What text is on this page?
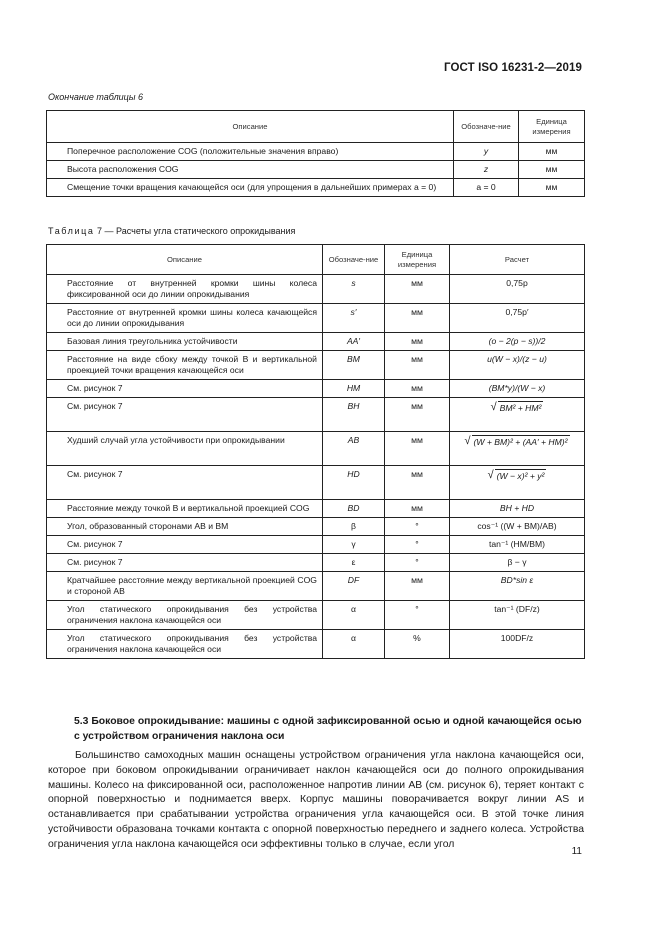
ГОСТ ISO 16231-2—2019
Окончание таблицы 6
Описание	Обозначе-ние	Единица измерения
Поперечное расположение COG (положительные значения вправо)	y	мм
Высота расположения COG	z	мм
Смещение точки вращения качающейся оси (для упрощения в дальнейших примерах a = 0)	a = 0	мм
Таблица 7 — Расчеты угла статического опрокидывания
Описание	Обозначе-ние	Единица измерения	Расчет
Расстояние от внутренней кромки шины колеса фиксированной оси до линии опрокидывания	s	мм	0,75p
Расстояние от внутренней кромки шины колеса качающейся оси до линии опрокидывания	s′	мм	0,75p′
Базовая линия треугольника устойчивости	AA′	мм	(o − 2(p − s))/2
Расстояние на виде сбоку между точкой B и вертикальной проекцией точки вращения качающейся оси	BM	мм	u(W − x)/(z − u)
См. рисунок 7	HM	мм	(BM*y)/(W − x)
См. рисунок 7	BH	мм	√ BM² + HM²

Худший случай угла устойчивости при опрокидывании	AB	мм	√ (W + BM)² + (AA′ + HM)²

См. рисунок 7	HD	мм	√ (W − x)² + y²

Расстояние между точкой B и вертикальной проекцией COG	BD	мм	BH + HD
Угол, образованный сторонами AB и BM	β	°	cos⁻¹ ((W + BM)/AB)
См. рисунок 7	γ	°	tan⁻¹ (HM/BM)
См. рисунок 7	ε	°	β − γ
Кратчайшее расстояние между вертикальной проекцией COG и стороной AB	DF	мм	BD*sin ε
Угол статического опрокидывания без устройства ограничения наклона качающейся оси	α	°	tan⁻¹ (DF/z)
Угол статического опрокидывания без устройства ограничения наклона качающейся оси	α	%	100DF/z
5.3 Боковое опрокидывание: машины с одной зафиксированной осью и одной качающейся осью с устройством ограничения наклона оси
Большинство самоходных машин оснащены устройством ограничения угла наклона качающейся оси, которое при боковом опрокидывании ограничивает наклон качающейся оси до полного опрокидывания машины. Колесо на фиксированной оси, расположенное напротив линии AB (см. рисунок 6), теряет контакт с опорной поверхностью и поднимается вверх. Корпус машины поворачивается вокруг линии AS и останавливается при срабатывании устройства ограничения угла качающейся оси. В этой точке линия устойчивости образована точками контакта с опорной поверхностью переднего и заднего колеса. Устройства ограничения угла наклона качающейся оси эффективны только в случае, если угол
11
